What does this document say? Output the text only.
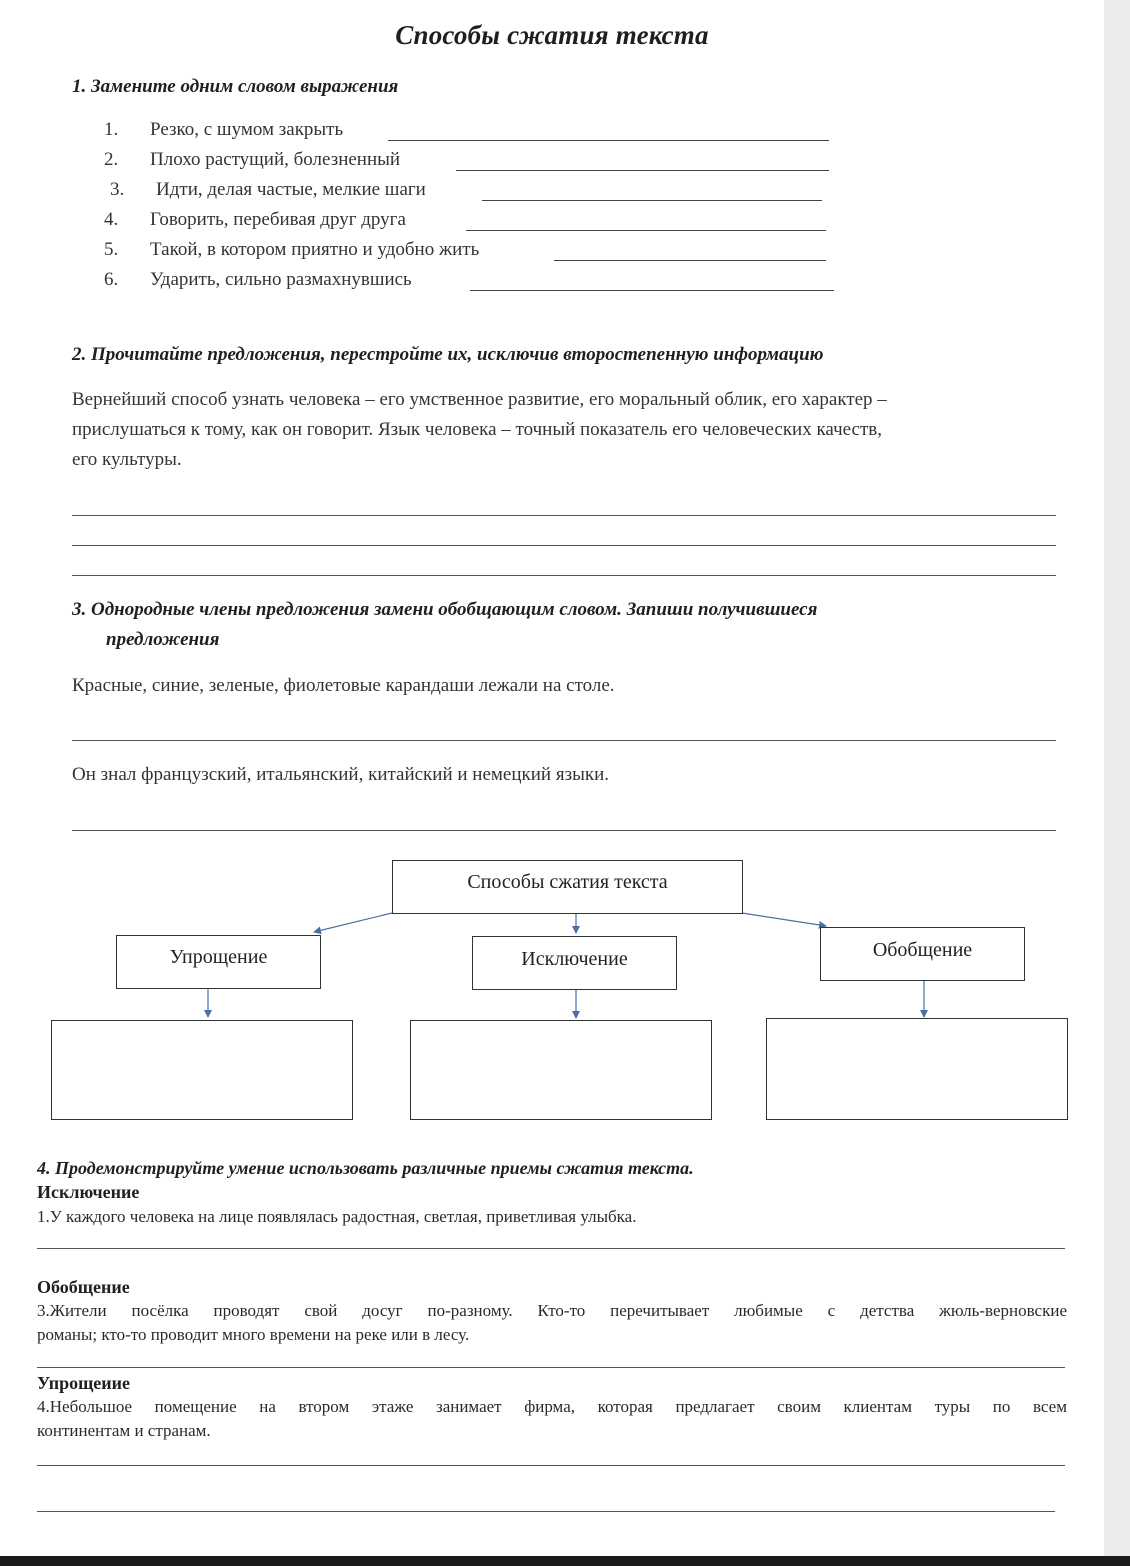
Способы сжатия текста
1. Замените одним словом выражения
1. Резко, с шумом закрыть
2. Плохо растущий, болезненный
3. Идти, делая частые, мелкие шаги
4. Говорить, перебивая друг друга
5. Такой, в котором приятно и удобно жить
6. Ударить, сильно размахнувшись
2. Прочитайте предложения, перестройте их, исключив второстепенную информацию
Вернейший способ узнать человека – его умственное развитие, его моральный облик, его характер –
прислушаться к тому, как он говорит. Язык человека – точный показатель его человеческих качеств,
его культуры.
3. Однородные члены предложения замени обобщающим словом. Запиши получившиеся
предложения
Красные, синие, зеленые, фиолетовые карандаши лежали на столе.
Он знал французский, итальянский, китайский и немецкий языки.
Способы сжатия текста
Упрощение	Исключение	Обобщение
4. Продемонстрируйте умение использовать различные приемы сжатия текста.
Исключение
1.У каждого человека на лице появлялась радостная, светлая, приветливая улыбка.
Обобщение
3.Жители посёлка проводят свой досуг по-разному. Кто-то перечитывает любимые с детства жюль-верновские
романы; кто-то проводит много времени на реке или в лесу.
Упрощеиие
4.Небольшое помещение на втором этаже занимает фирма, которая предлагает своим клиентам туры по всем
континентам и странам.
